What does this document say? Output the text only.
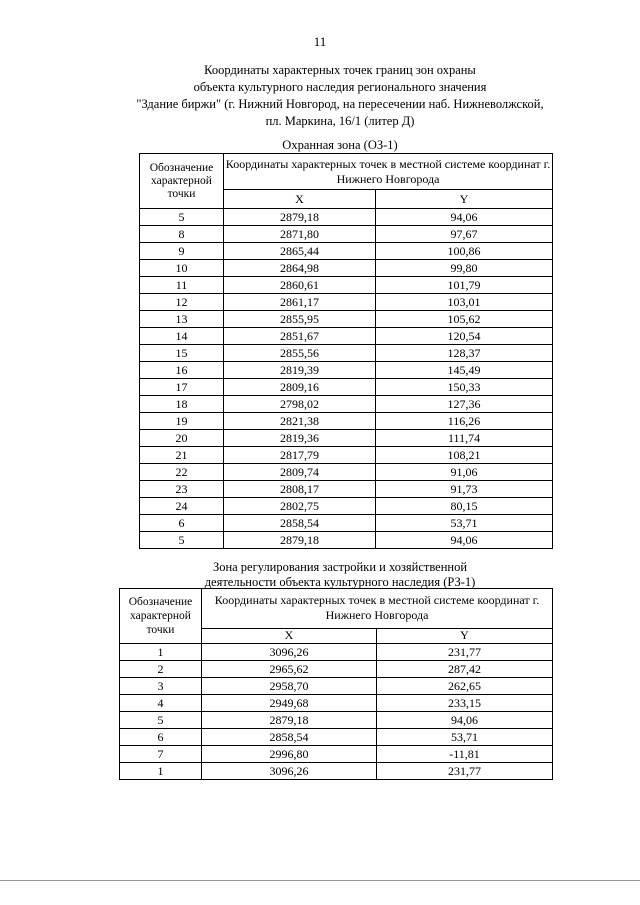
11
Координаты характерных точек границ зон охраны
объекта культурного наследия регионального значения
"Здание биржи" (г. Нижний Новгород, на пересечении наб. Нижневолжской,
пл. Маркина, 16/1 (литер Д)
Охранная зона (ОЗ-1)
Обозначение характерной точки	Координаты характерных точек в местной системе координат г. Нижнего Новгорода	
	X	Y
5	2879,18	94,06
8	2871,80	97,67
9	2865,44	100,86
10	2864,98	99,80
11	2860,61	101,79
12	2861,17	103,01
13	2855,95	105,62
14	2851,67	120,54
15	2855,56	128,37
16	2819,39	145,49
17	2809,16	150,33
18	2798,02	127,36
19	2821,38	116,26
20	2819,36	111,74
21	2817,79	108,21
22	2809,74	91,06
23	2808,17	91,73
24	2802,75	80,15
6	2858,54	53,71
5	2879,18	94,06
Зона регулирования застройки и хозяйственной
деятельности объекта культурного наследия (РЗ-1)
Обозначение характерной точки	Координаты характерных точек в местной системе координат г. Нижнего Новгорода	
	X	Y
1	3096,26	231,77
2	2965,62	287,42
3	2958,70	262,65
4	2949,68	233,15
5	2879,18	94,06
6	2858,54	53,71
7	2996,80	-11,81
1	3096,26	231,77
